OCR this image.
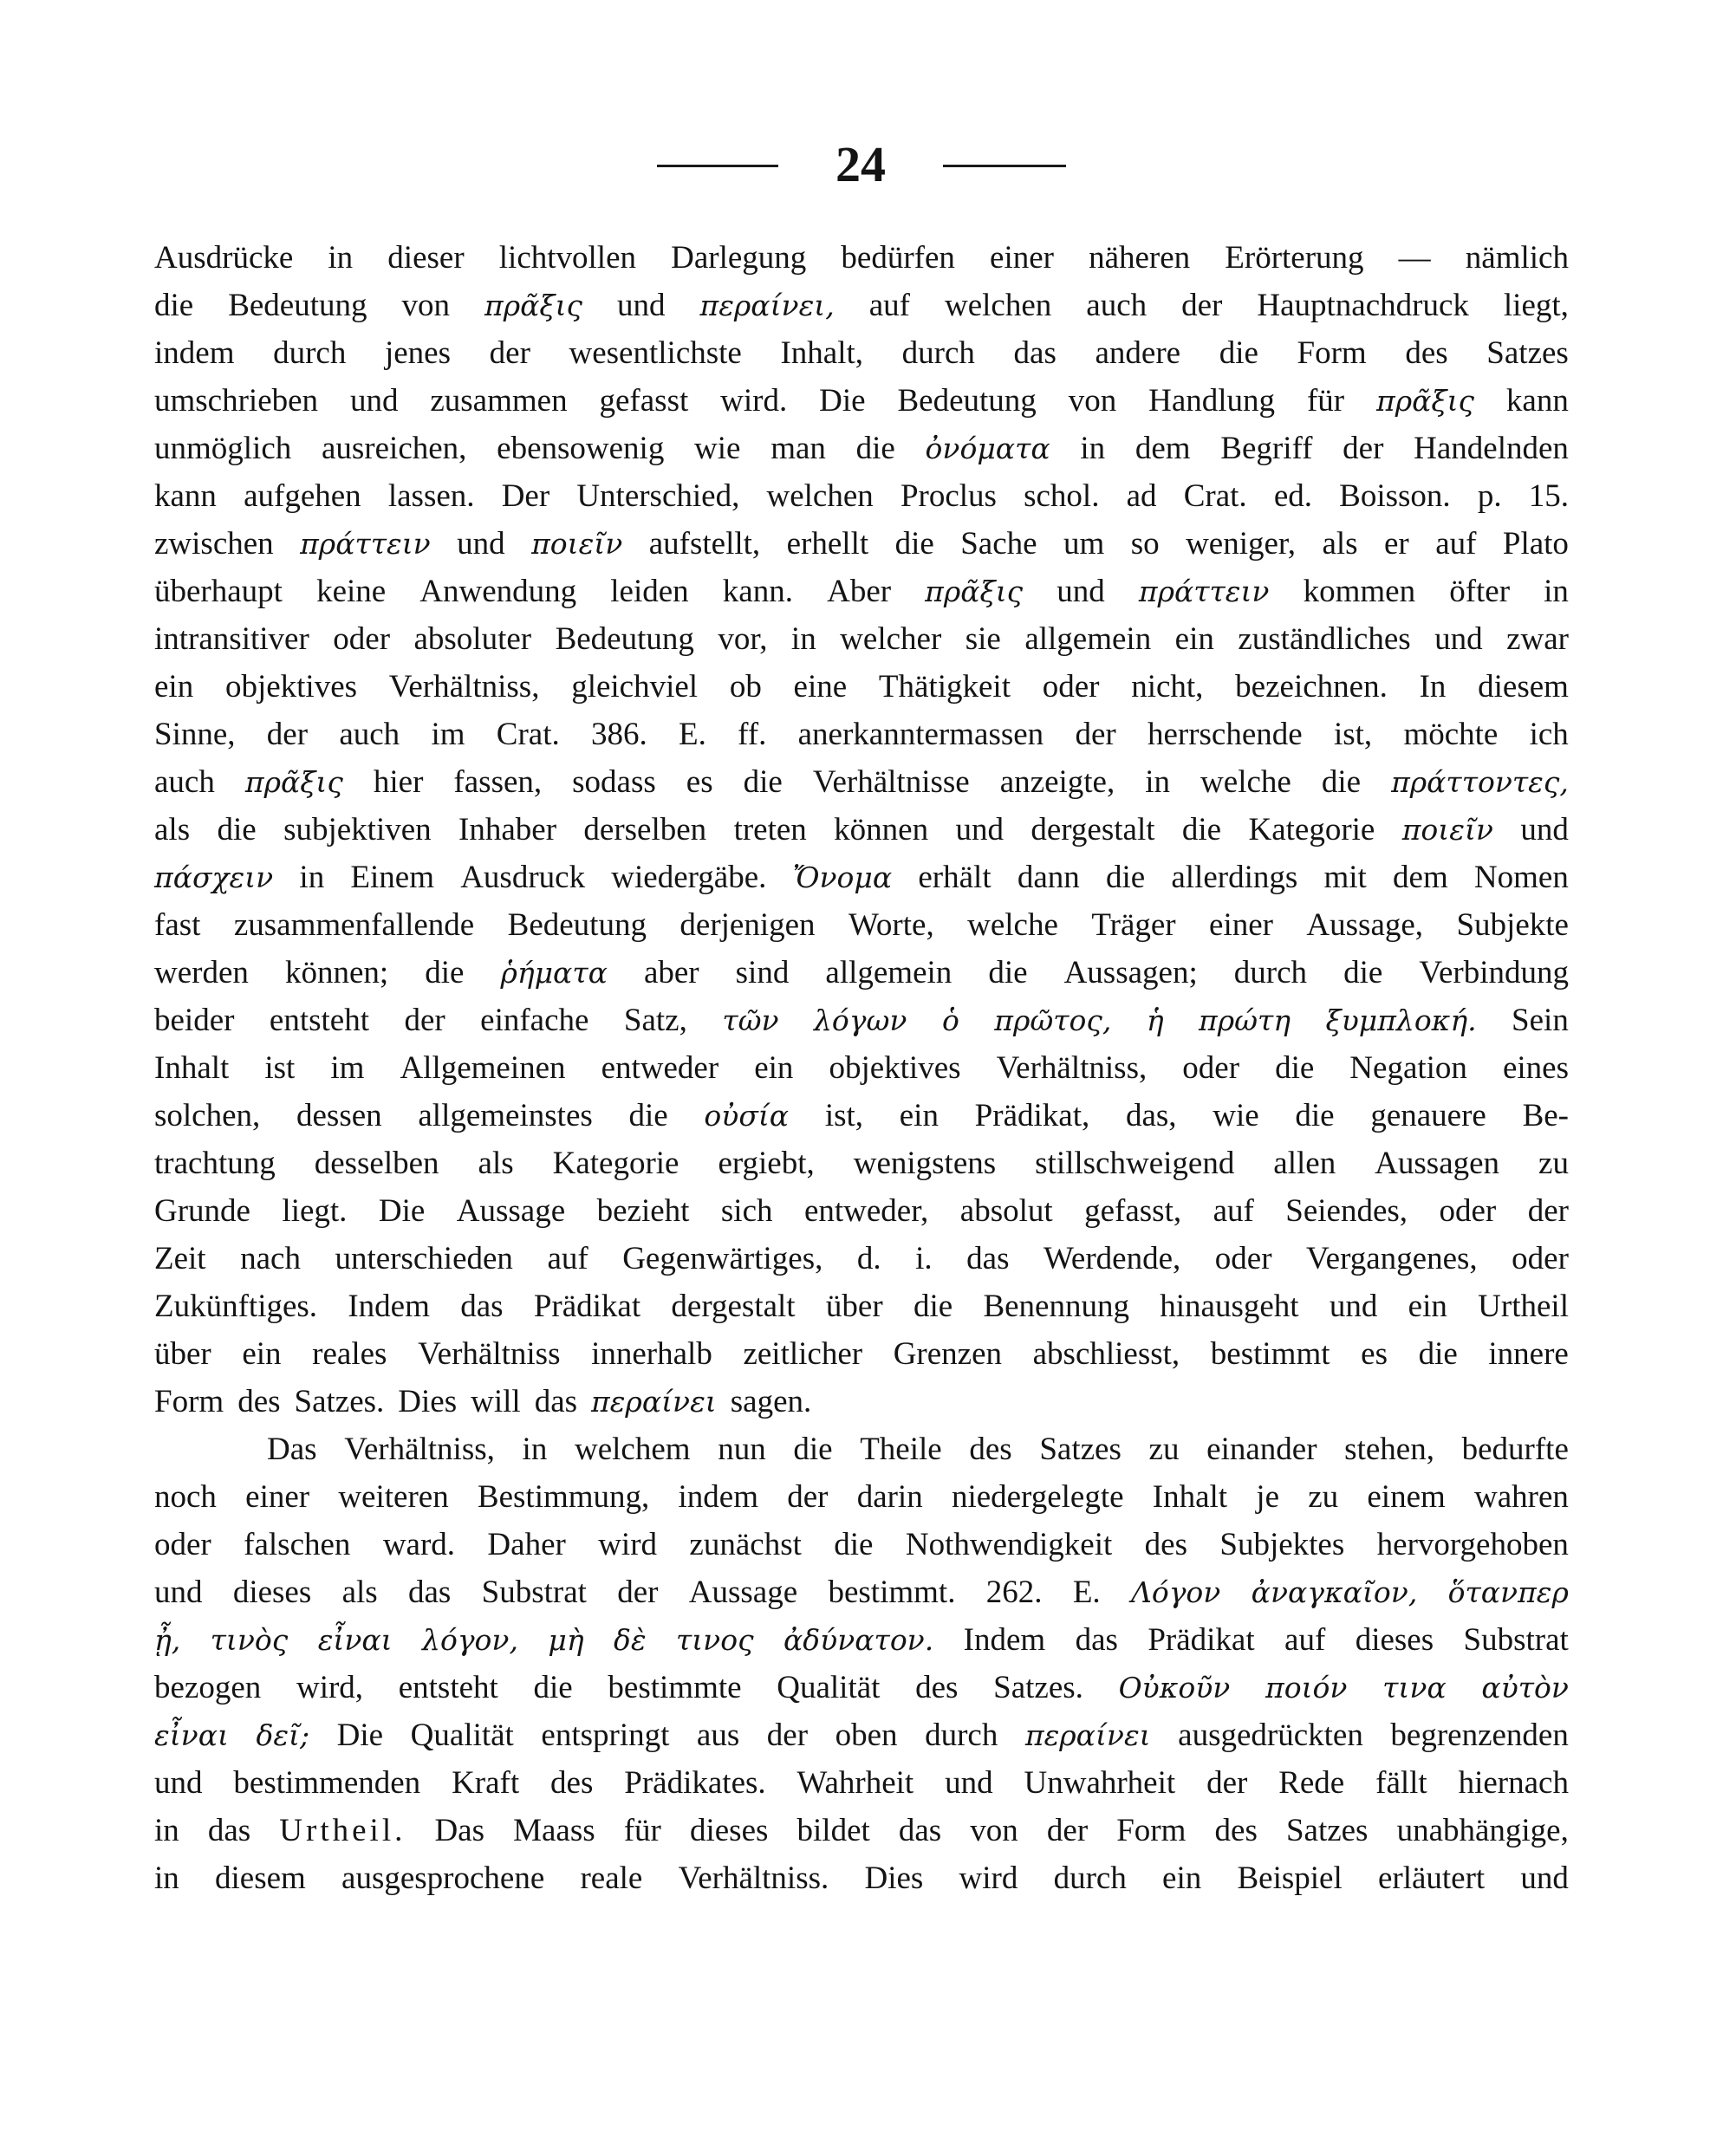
24
Ausdrücke in dieser lichtvollen Darlegung bedürfen einer näheren Erörterung — nämlich
die Bedeutung von πρᾶξις und περαίνει, auf welchen auch der Hauptnachdruck liegt,
indem durch jenes der wesentlichste Inhalt, durch das andere die Form des Satzes
umschrieben und zusammen gefasst wird. Die Bedeutung von Handlung für πρᾶξις kann
unmöglich ausreichen, ebensowenig wie man die ὀνόματα in dem Begriff der Handelnden
kann aufgehen lassen. Der Unterschied, welchen Proclus schol. ad Crat. ed. Boisson. p. 15.
zwischen πράττειν und ποιεῖν aufstellt, erhellt die Sache um so weniger, als er auf Plato
überhaupt keine Anwendung leiden kann. Aber πρᾶξις und πράττειν kommen öfter in
intransitiver oder absoluter Bedeutung vor, in welcher sie allgemein ein zuständliches und zwar
ein objektives Verhältniss, gleichviel ob eine Thätigkeit oder nicht, bezeichnen. In diesem
Sinne, der auch im Crat. 386. E. ff. anerkanntermassen der herrschende ist, möchte ich
auch πρᾶξις hier fassen, sodass es die Verhältnisse anzeigte, in welche die πράττοντες,
als die subjektiven Inhaber derselben treten können und dergestalt die Kategorie ποιεῖν und
πάσχειν in Einem Ausdruck wiedergäbe. Ὄνομα erhält dann die allerdings mit dem Nomen
fast zusammenfallende Bedeutung derjenigen Worte, welche Träger einer Aussage, Subjekte
werden können; die ῥήματα aber sind allgemein die Aussagen; durch die Verbindung
beider entsteht der einfache Satz, τῶν λόγων ὁ πρῶτος, ἡ πρώτη ξυμπλοκή. Sein
Inhalt ist im Allgemeinen entweder ein objektives Verhältniss, oder die Negation eines
solchen, dessen allgemeinstes die οὐσία ist, ein Prädikat, das, wie die genauere Be-
trachtung desselben als Kategorie ergiebt, wenigstens stillschweigend allen Aussagen zu
Grunde liegt. Die Aussage bezieht sich entweder, absolut gefasst, auf Seiendes, oder der
Zeit nach unterschieden auf Gegenwärtiges, d. i. das Werdende, oder Vergangenes, oder
Zukünftiges. Indem das Prädikat dergestalt über die Benennung hinausgeht und ein Urtheil
über ein reales Verhältniss innerhalb zeitlicher Grenzen abschliesst, bestimmt es die innere
Form des Satzes. Dies will das περαίνει sagen.
Das Verhältniss, in welchem nun die Theile des Satzes zu einander stehen, bedurfte
noch einer weiteren Bestimmung, indem der darin niedergelegte Inhalt je zu einem wahren
oder falschen ward. Daher wird zunächst die Nothwendigkeit des Subjektes hervorgehoben
und dieses als das Substrat der Aussage bestimmt. 262. E. Λόγον ἀναγκαῖον, ὅτανπερ
ᾖ, τινὸς εἶναι λόγον, μὴ δὲ τινος ἀδύνατον. Indem das Prädikat auf dieses Substrat
bezogen wird, entsteht die bestimmte Qualität des Satzes. Οὐκοῦν ποιόν τινα αὐτὸν
εἶναι δεῖ; Die Qualität entspringt aus der oben durch περαίνει ausgedrückten begrenzenden
und bestimmenden Kraft des Prädikates. Wahrheit und Unwahrheit der Rede fällt hiernach
in das Urtheil. Das Maass für dieses bildet das von der Form des Satzes unabhängige,
in diesem ausgesprochene reale Verhältniss. Dies wird durch ein Beispiel erläutert und
